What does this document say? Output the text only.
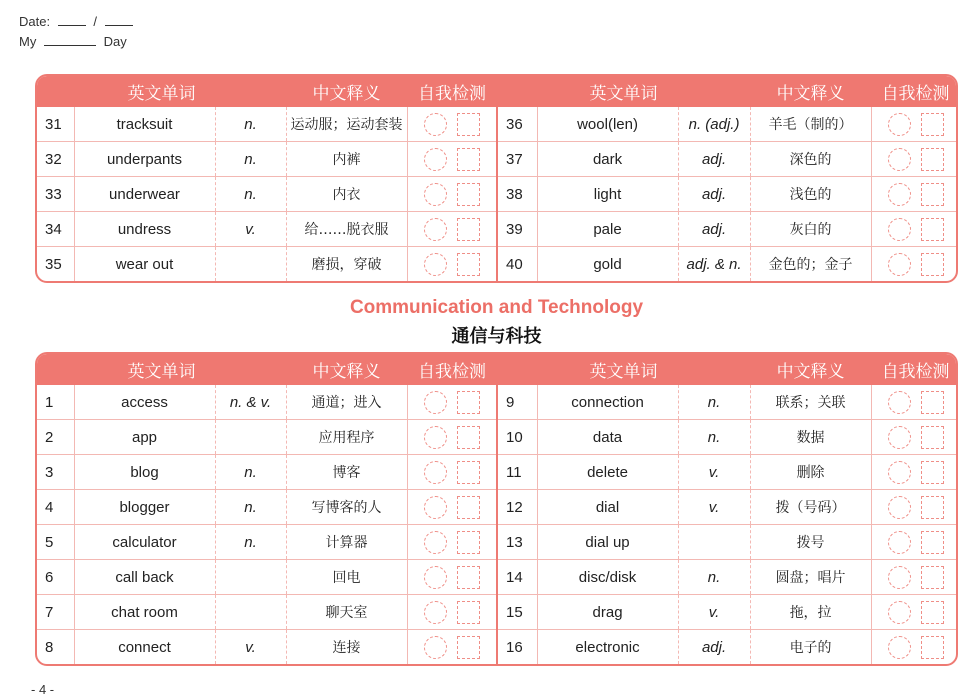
Date:	/
My	Day
英文单词			中文释义	自我检测	英文单词			中文释义	自我检测
31	tracksuit	n.	运动服；运动套装		36	wool(len)	n. (adj.)	羊毛（制的）	

32	underpants	n.	内裤		37	dark	adj.	深色的	

33	underwear	n.	内衣		38	light	adj.	浅色的	

34	undress	v.	给……脱衣服		39	pale	adj.	灰白的	

35	wear out		磨损，穿破		40	gold	adj. & n.	金色的；金子	
Communication and Technology
通信与科技
英文单词			中文释义	自我检测	英文单词			中文释义	自我检测
1	access	n. & v.	通道；进入		9	connection	n.	联系；关联	

2	app		应用程序		10	data	n.	数据	

3	blog	n.	博客		11	delete	v.	删除	

4	blogger	n.	写博客的人		12	dial	v.	拨（号码）	

5	calculator	n.	计算器		13	dial up		拨号	

6	call back		回电		14	disc/disk	n.	圆盘；唱片	

7	chat room		聊天室		15	drag	v.	拖，拉	

8	connect	v.	连接		16	electronic	adj.	电子的	
- 4 -
